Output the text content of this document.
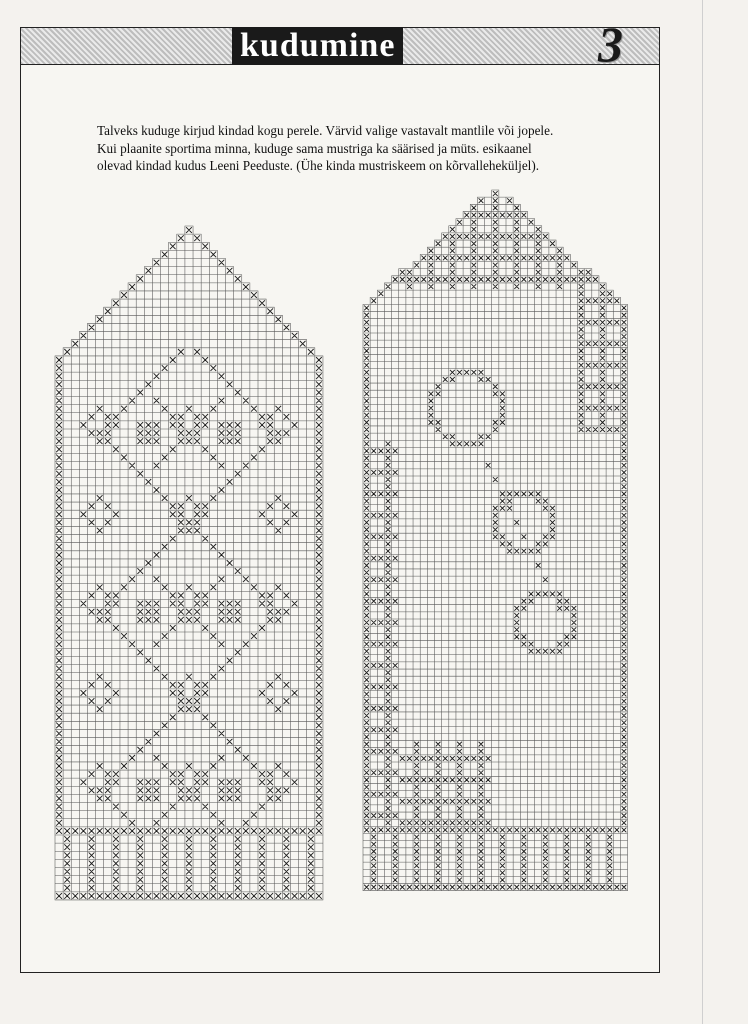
kudumine	3

Talveks kuduge kirjud kindad kogu perele. Värvid valige vastavalt mantlile või jopele.

Kui plaanite sportima minna, kuduge sama mustriga ka säärised ja müts. esikaanel

olevad kindad kudus Leeni Peeduste. (Ühe kinda mustriskeem on kõrvalleheküljel).
